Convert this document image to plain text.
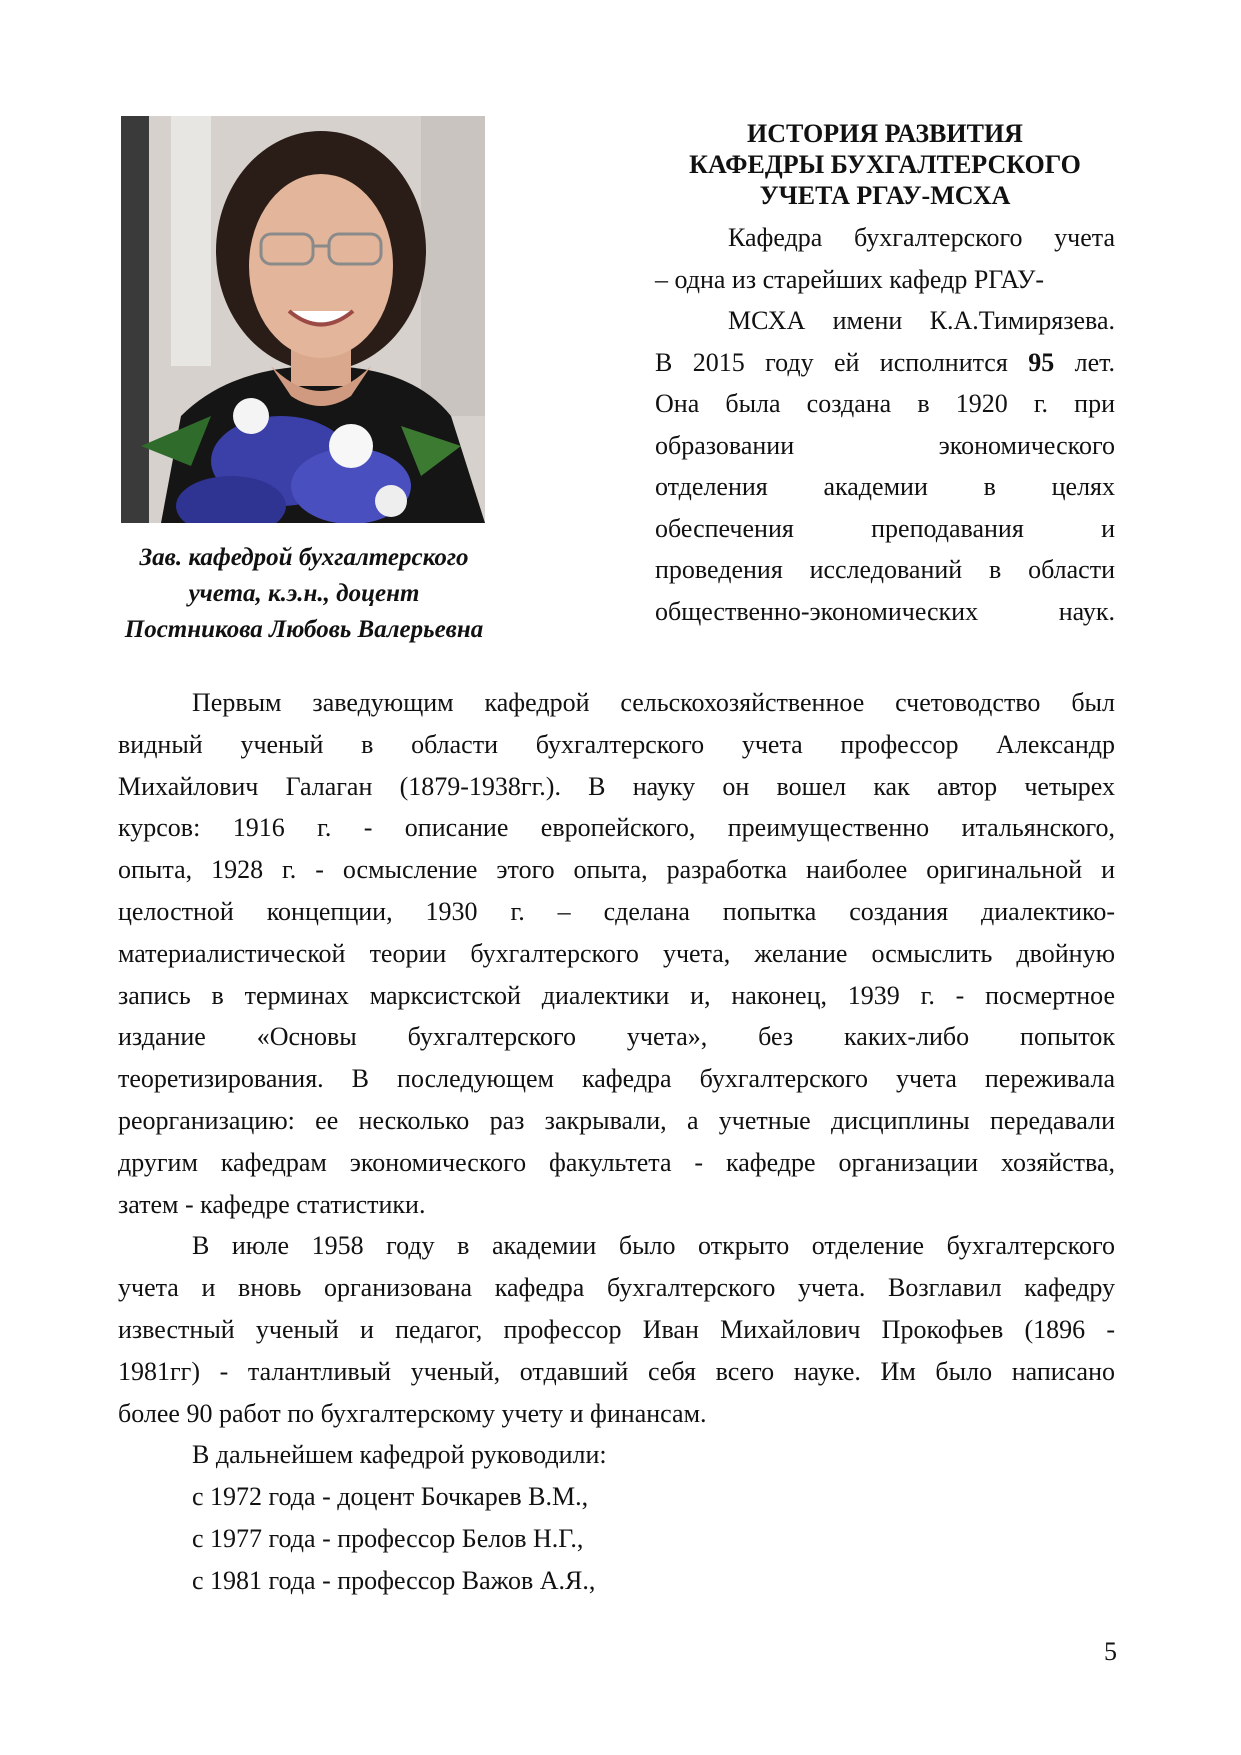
Зав. кафедрой бухгалтерского
учета, к.э.н., доцент
Постникова Любовь Валерьевна
ИСТОРИЯ РАЗВИТИЯ
КАФЕДРЫ БУХГАЛТЕРСКОГО
УЧЕТА РГАУ-МСХА
Кафедра бухгалтерского учета
– одна из старейших кафедр РГАУ-
МСХА имени К.А.Тимирязева.
В 2015 году ей исполнится 95 лет.
Она была создана в 1920 г. при
образовании экономического
отделения академии в целях
обеспечения преподавания и
проведения исследований в области
общественно-экономических наук.
Первым заведующим кафедрой сельскохозяйственное счетоводство был
видный ученый в области бухгалтерского учета профессор Александр
Михайлович Галаган (1879-1938гг.). В науку он вошел как автор четырех
курсов: 1916 г. - описание европейского, преимущественно итальянского,
опыта, 1928 г. - осмысление этого опыта, разработка наиболее оригинальной и
целостной концепции, 1930 г. – сделана попытка создания диалектико-
материалистической теории бухгалтерского учета, желание осмыслить двойную
запись в терминах марксистской диалектики и, наконец, 1939 г. - посмертное
издание «Основы бухгалтерского учета», без каких-либо попыток
теоретизирования. В последующем кафедра бухгалтерского учета переживала
реорганизацию: ее несколько раз закрывали, а учетные дисциплины передавали
другим кафедрам экономического факультета - кафедре организации хозяйства,
затем - кафедре статистики.
В июле 1958 году в академии было открыто отделение бухгалтерского
учета и вновь организована кафедра бухгалтерского учета. Возглавил кафедру
известный ученый и педагог, профессор Иван Михайлович Прокофьев (1896 -
1981гг) - талантливый ученый, отдавший себя всего науке. Им было написано
более 90 работ по бухгалтерскому учету и финансам.
В дальнейшем кафедрой руководили:
с 1972 года - доцент Бочкарев В.М.,
с 1977 года - профессор Белов Н.Г.,
с 1981 года - профессор Важов А.Я.,
5
